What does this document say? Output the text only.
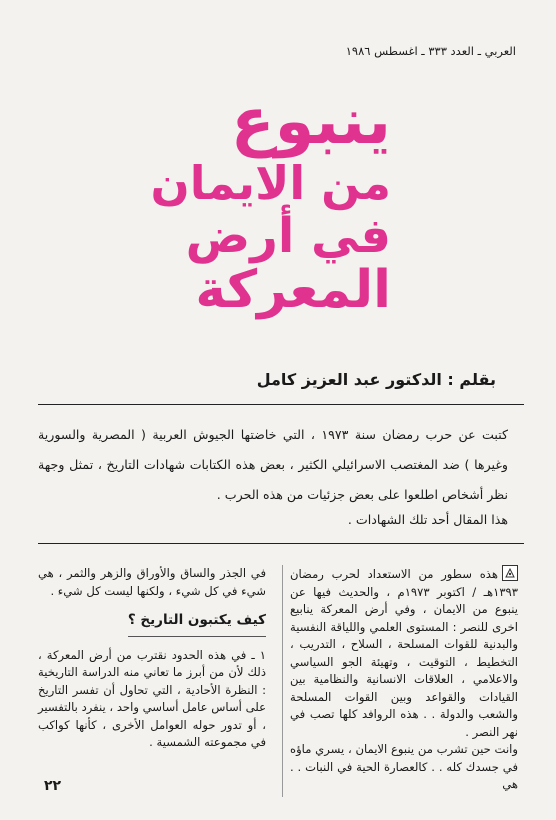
العربي ـ العدد ٣٣٣ ـ اغسطس ١٩٨٦
ينبوع
من الايمان
في أرض
المعركة
بقلم : الدكتور عبد العزيز كامل
كتبت عن حرب رمضان سنة ١٩٧٣ ، التي خاضتها الجيوش العربية ( المصرية والسورية وغيرها ) ضد المغتصب الاسرائيلي الكثير ، بعض هذه الكتابات شهادات التاريخ ، تمثل وجهة نظر أشخاص اطلعوا على بعض جزئيات من هذه الحرب .
هذا المقال أحد تلك الشهادات .

هذه سطور من الاستعداد لحرب رمضان ١٣٩٣هـ / اكتوبر ١٩٧٣م ، والحديث فيها عن ينبوع من الايمان ، وفي أرض المعركة ينابيع اخرى للنصر : المستوى العلمي واللياقة النفسية والبدنية للقوات المسلحة ، السلاح ، التدريب ، التخطيط ، التوقيت ، وتهيئة الجو السياسي والاعلامي ، العلاقات الانسانية والنظامية بين القيادات والقواعد وبين القوات المسلحة والشعب والدولة . . هذه الروافد كلها تصب في نهر النصر .

وانت حين تشرب من ينبوع الايمان ، يسري ماؤه في جسدك كله . . كالعصارة الحية في النبات . . هي

في الجذر والساق والأوراق والزهر والثمر ، هي شيء في كل شيء ، ولكنها ليست كل شيء .

كيف يكتبون التاريخ ؟

١ ـ في هذه الحدود نقترب من أرض المعركة ، ذلك لأن من أبرز ما تعاني منه الدراسة التاريخية : النظرة الأحادية ، التي تحاول أن تفسر التاريخ على أساس عامل أساسي واحد ، ينفرد بالتفسير ، أو تدور حوله العوامل الأخرى ، كأنها كواكب في مجموعته الشمسية .

٢٢
